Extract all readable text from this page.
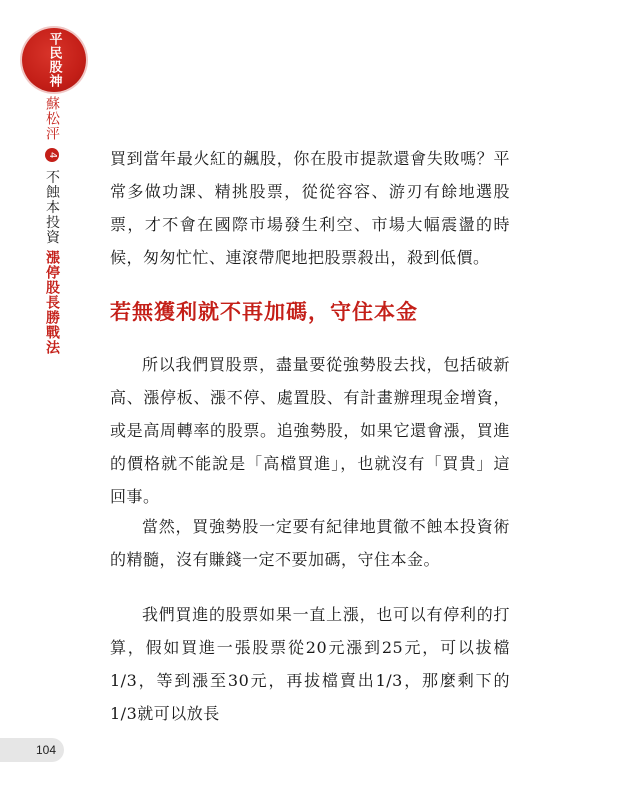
平民股神
蘇松泙 4 不蝕本投資 漲停股長勝戰法

買到當年最火紅的飆股，你在股市提款還會失敗嗎？平常多做功課、精挑股票，從從容容、游刃有餘地選股票，才不會在國際市場發生利空、市場大幅震盪的時候，匆匆忙忙、連滾帶爬地把股票殺出，殺到低價。

若無獲利就不再加碼，守住本金

所以我們買股票，盡量要從強勢股去找，包括破新高、漲停板、漲不停、處置股、有計畫辦理現金增資，或是高周轉率的股票。追強勢股，如果它還會漲，買進的價格就不能說是「高檔買進」，也就沒有「買貴」這回事。

當然，買強勢股一定要有紀律地貫徹不蝕本投資術的精髓，沒有賺錢一定不要加碼，守住本金。

我們買進的股票如果一直上漲，也可以有停利的打算，假如買進一張股票從20元漲到25元，可以拔檔1/3，等到漲至30元，再拔檔賣出1/3，那麼剩下的1/3就可以放長

104
